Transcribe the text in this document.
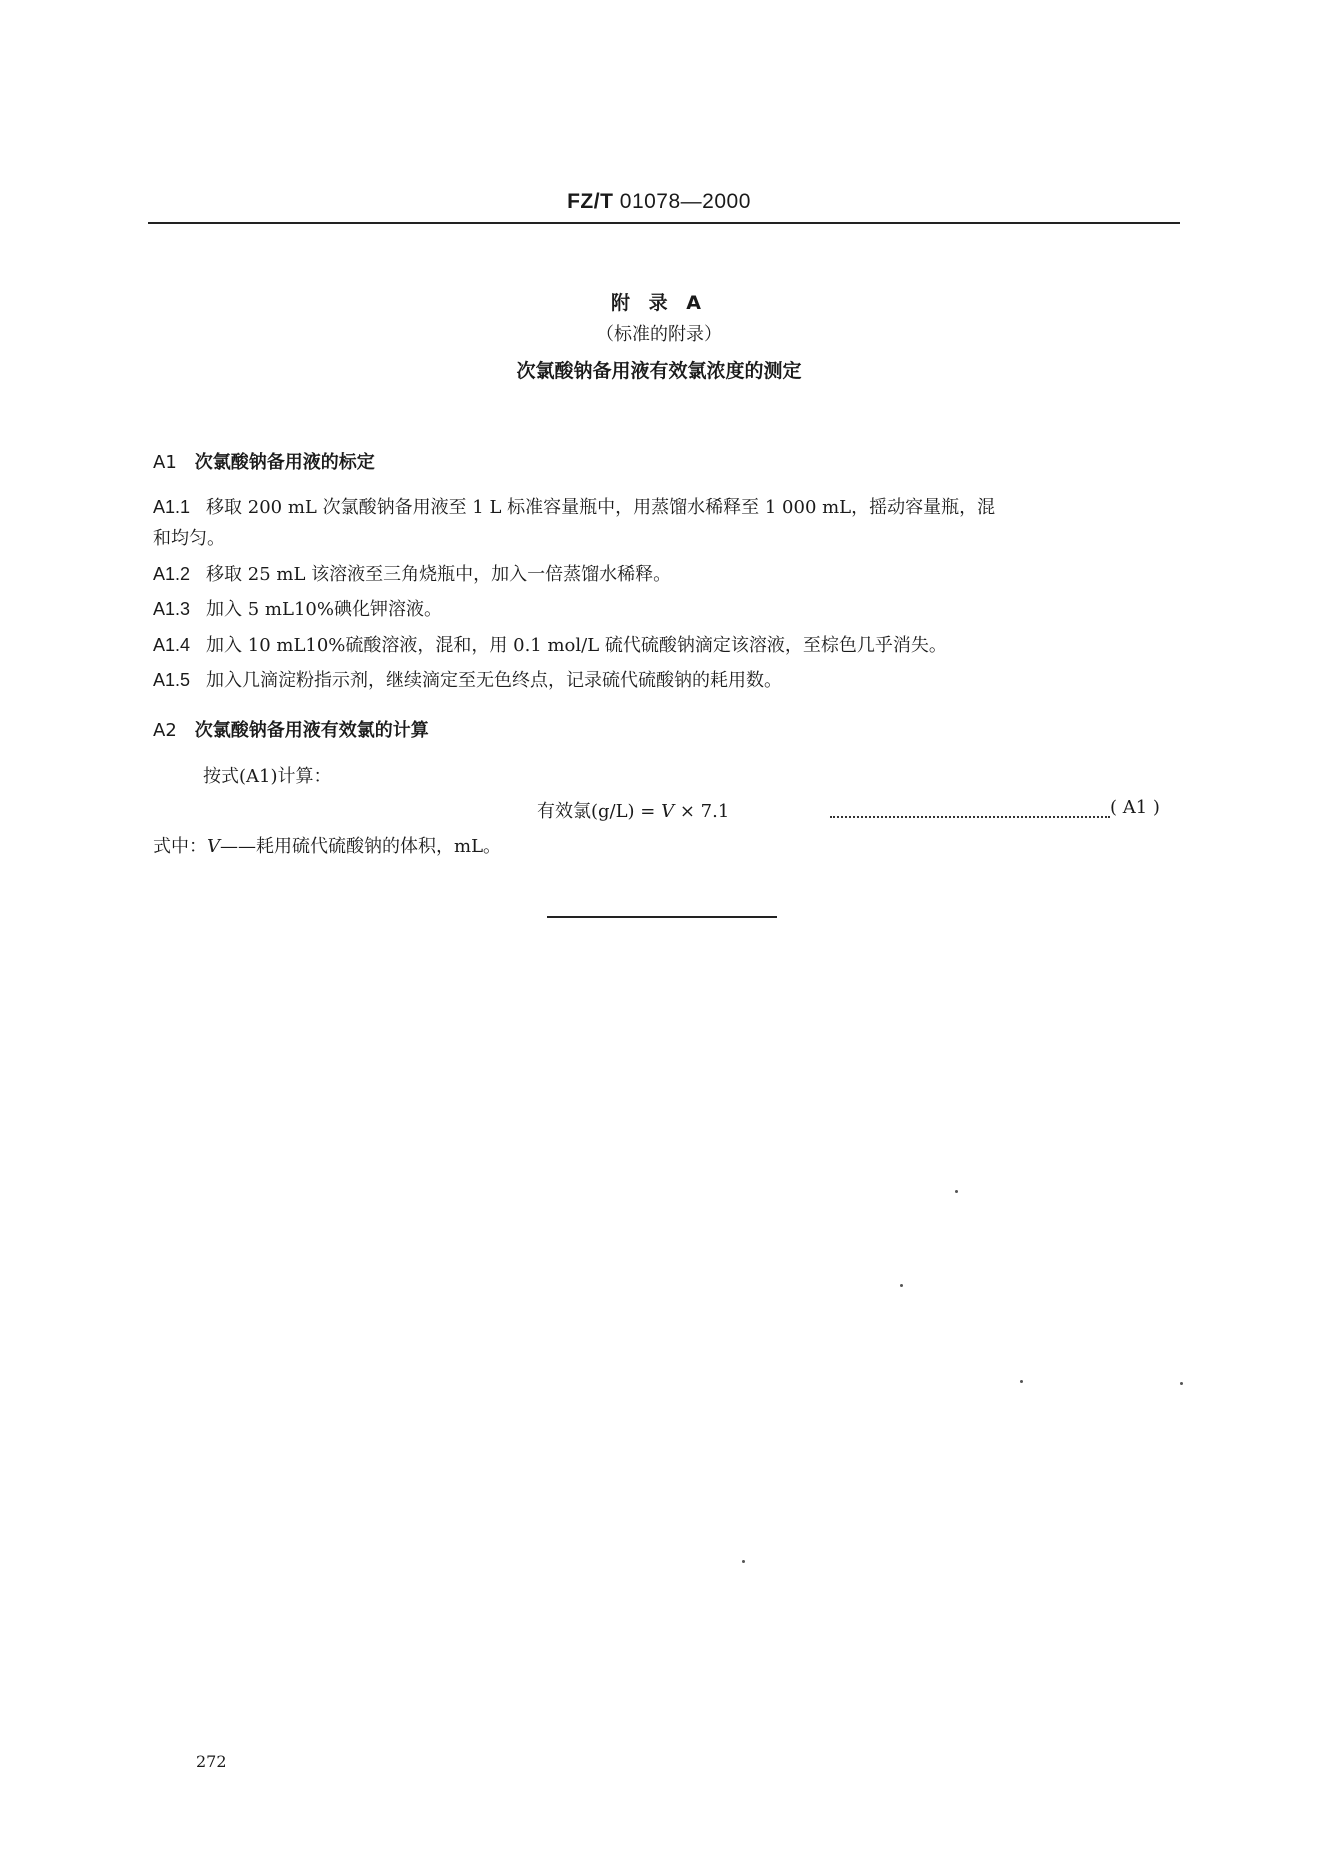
FZ/T 01078—2000
附 录 A
（标准的附录）
次氯酸钠备用液有效氯浓度的测定
A1 次氯酸钠备用液的标定
A1.1 移取 200 mL 次氯酸钠备用液至 1 L 标准容量瓶中，用蒸馏水稀释至 1 000 mL，摇动容量瓶，混
和均匀。
A1.2 移取 25 mL 该溶液至三角烧瓶中，加入一倍蒸馏水稀释。
A1.3 加入 5 mL10%碘化钾溶液。
A1.4 加入 10 mL10%硫酸溶液，混和，用 0.1 mol/L 硫代硫酸钠滴定该溶液，至棕色几乎消失。
A1.5 加入几滴淀粉指示剂，继续滴定至无色终点，记录硫代硫酸钠的耗用数。
A2 次氯酸钠备用液有效氯的计算
按式(A1)计算：
有效氯(g/L) = V × 7.1	( A1 )
式中：V——耗用硫代硫酸钠的体积，mL。
272
